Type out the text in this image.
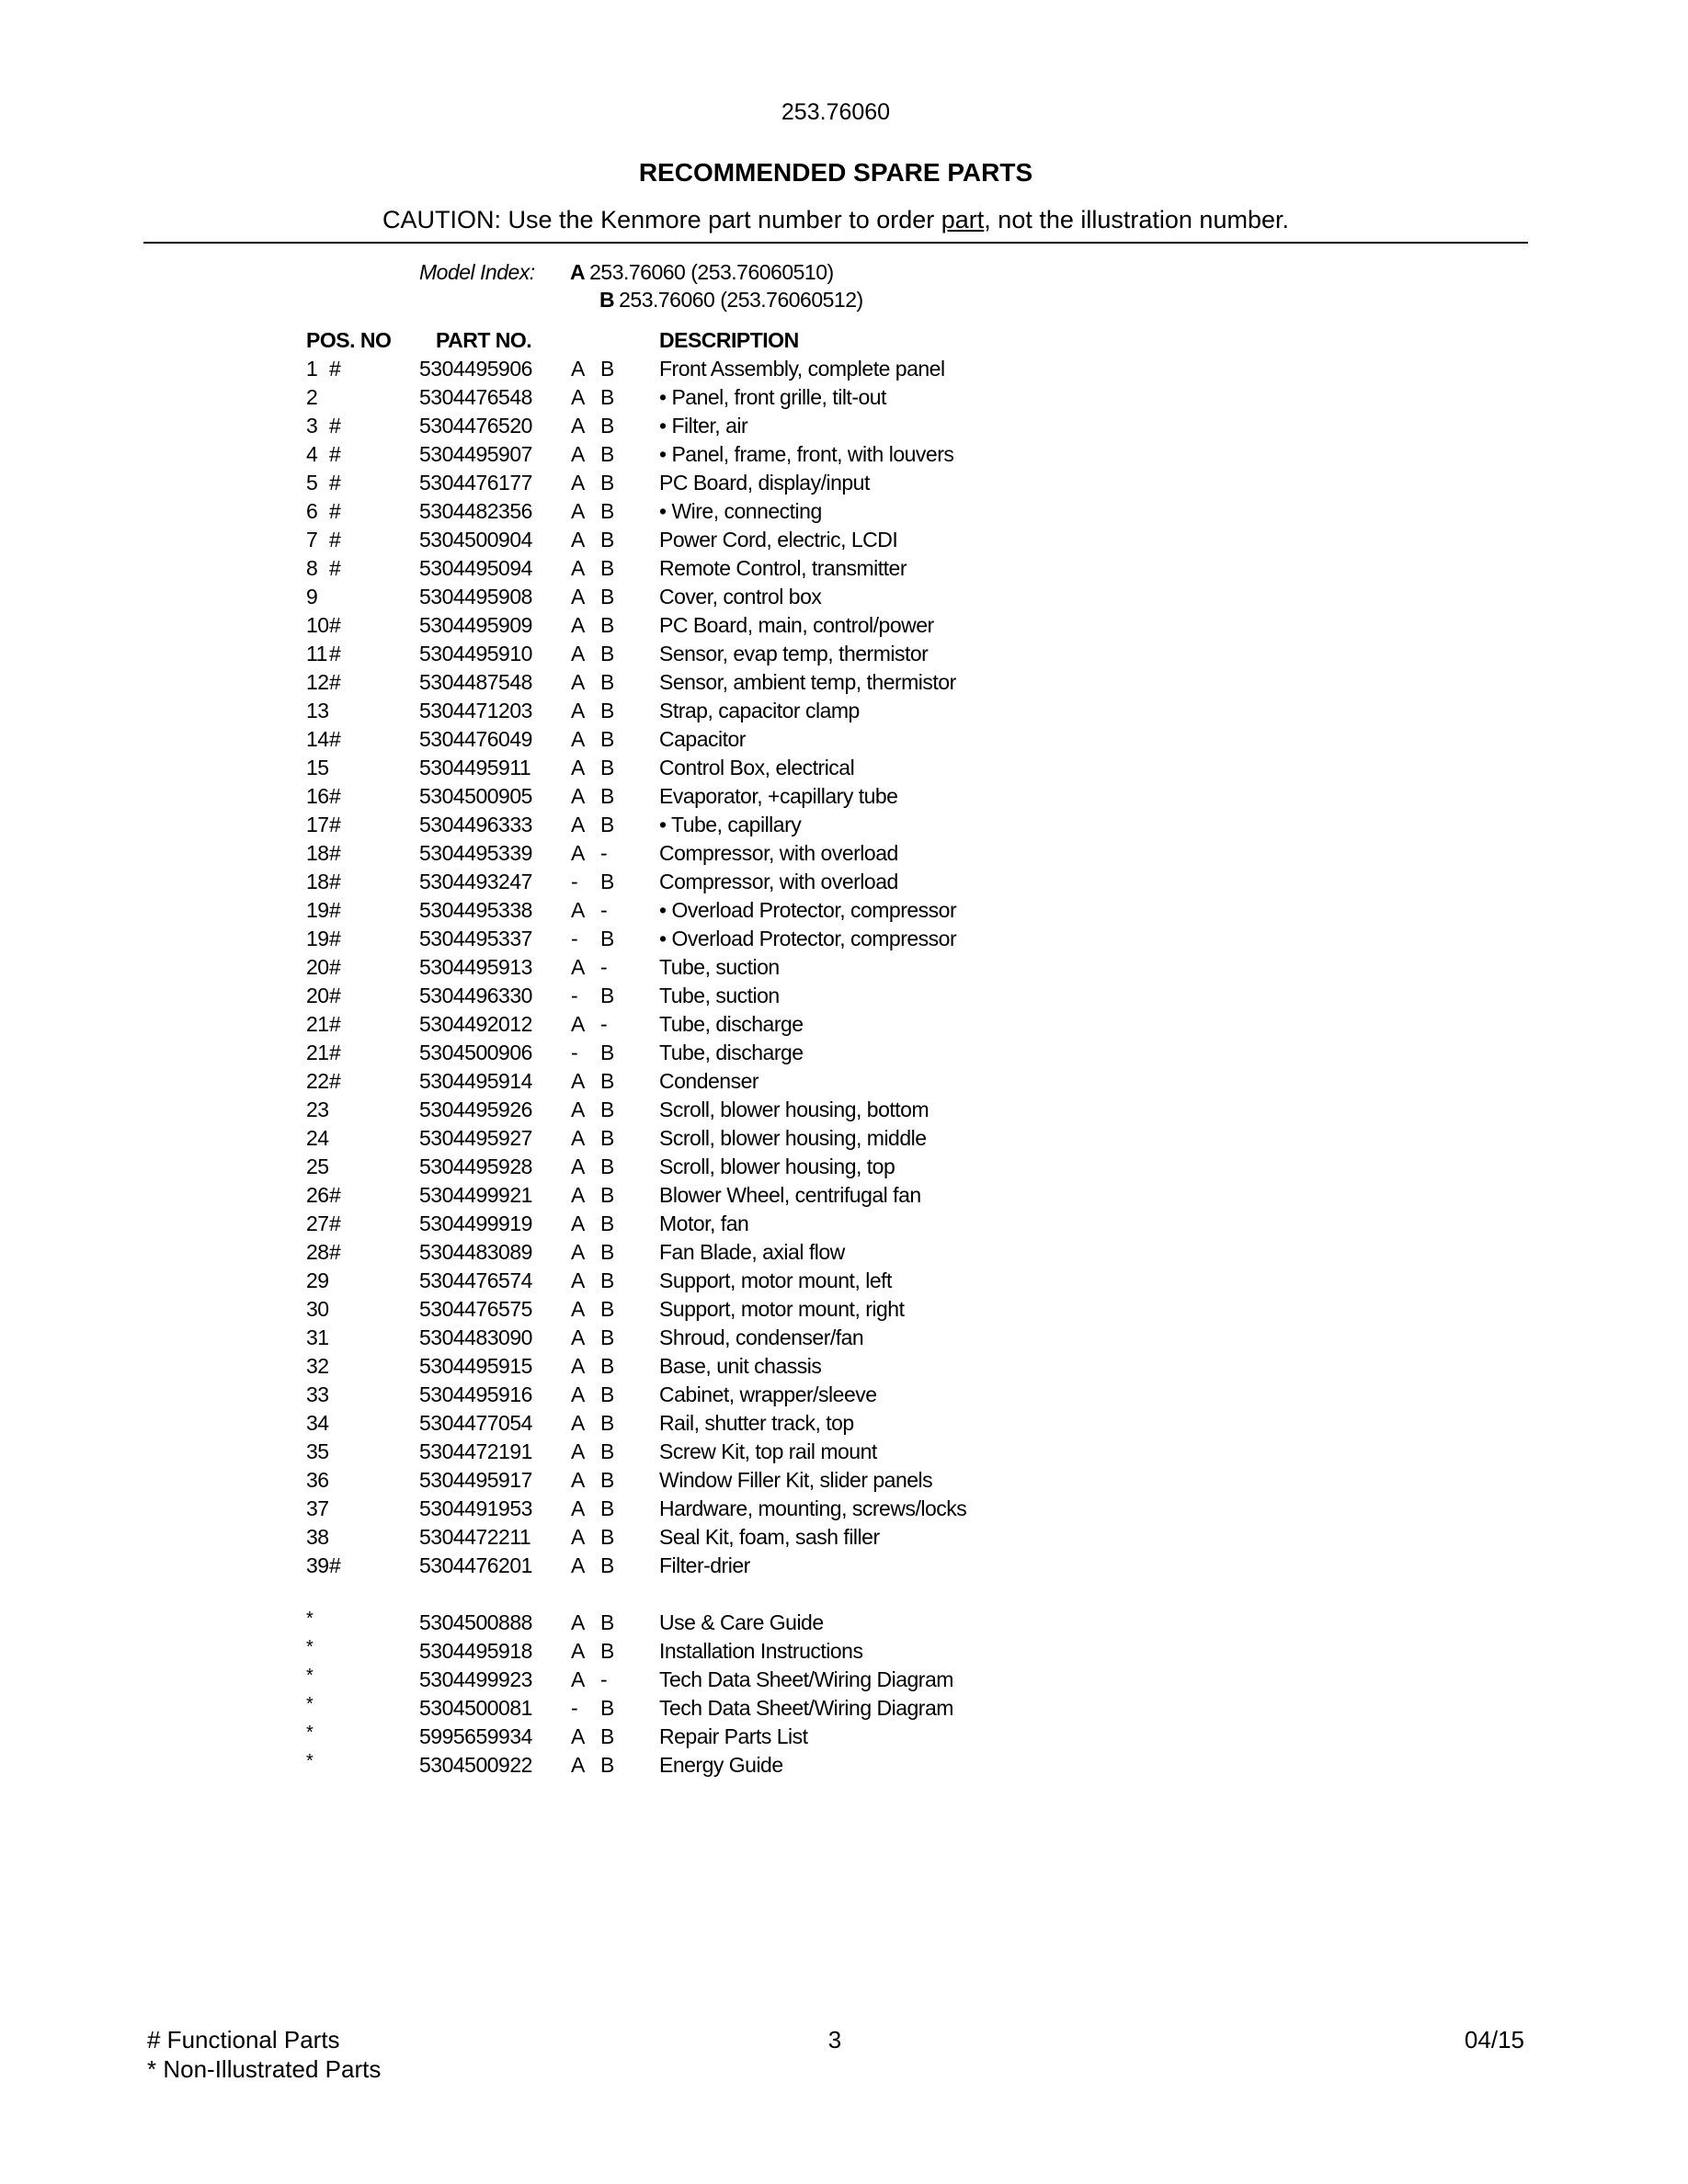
253.76060
RECOMMENDED SPARE PARTS
CAUTION: Use the Kenmore part number to order part, not the illustration number.
Model Index: A 253.76060 (253.76060510)
B 253.76060 (253.76060512)
POS. NO PART NO.	DESCRIPTION
1 #	5304495906 A B Front Assembly, complete panel
2	5304476548 A B • Panel, front grille, tilt-out
3 #	5304476520 A B • Filter, air
4 #	5304495907 A B • Panel, frame, front, with louvers
5 #	5304476177 A B PC Board, display/input
6 #	5304482356 A B • Wire, connecting
7 #	5304500904 A B Power Cord, electric, LCDI
8 #	5304495094 A B Remote Control, transmitter
9	5304495908 A B Cover, control box
10 #	5304495909 A B PC Board, main, control/power
11 #	5304495910 A B Sensor, evap temp, thermistor
12 #	5304487548 A B Sensor, ambient temp, thermistor
13	5304471203 A B Strap, capacitor clamp
14 #	5304476049 A B Capacitor
15	5304495911 A B Control Box, electrical
16 #	5304500905 A B Evaporator, +capillary tube
17 #	5304496333 A B • Tube, capillary
18 #	5304495339 A - Compressor, with overload
18 #	5304493247 - B Compressor, with overload
19 #	5304495338 A - • Overload Protector, compressor
19 #	5304495337 - B • Overload Protector, compressor
20 #	5304495913 A - Tube, suction
20 #	5304496330 - B Tube, suction
21 #	5304492012 A - Tube, discharge
21 #	5304500906 - B Tube, discharge
22 #	5304495914 A B Condenser
23	5304495926 A B Scroll, blower housing, bottom
24	5304495927 A B Scroll, blower housing, middle
25	5304495928 A B Scroll, blower housing, top
26 #	5304499921 A B Blower Wheel, centrifugal fan
27 #	5304499919 A B Motor, fan
28 #	5304483089 A B Fan Blade, axial flow
29	5304476574 A B Support, motor mount, left
30	5304476575 A B Support, motor mount, right
31	5304483090 A B Shroud, condenser/fan
32	5304495915 A B Base, unit chassis
33	5304495916 A B Cabinet, wrapper/sleeve
34	5304477054 A B Rail, shutter track, top
35	5304472191 A B Screw Kit, top rail mount
36	5304495917 A B Window Filler Kit, slider panels
37	5304491953 A B Hardware, mounting, screws/locks
38	5304472211 A B Seal Kit, foam, sash filler
39 #	5304476201 A B Filter-drier
*	5304500888 A B Use & Care Guide
*	5304495918 A B Installation Instructions
*	5304499923 A - Tech Data Sheet/Wiring Diagram
*	5304500081 - B Tech Data Sheet/Wiring Diagram
*	5995659934 A B Repair Parts List
*	5304500922 A B Energy Guide
# Functional Parts
* Non-Illustrated Parts
3	04/15
